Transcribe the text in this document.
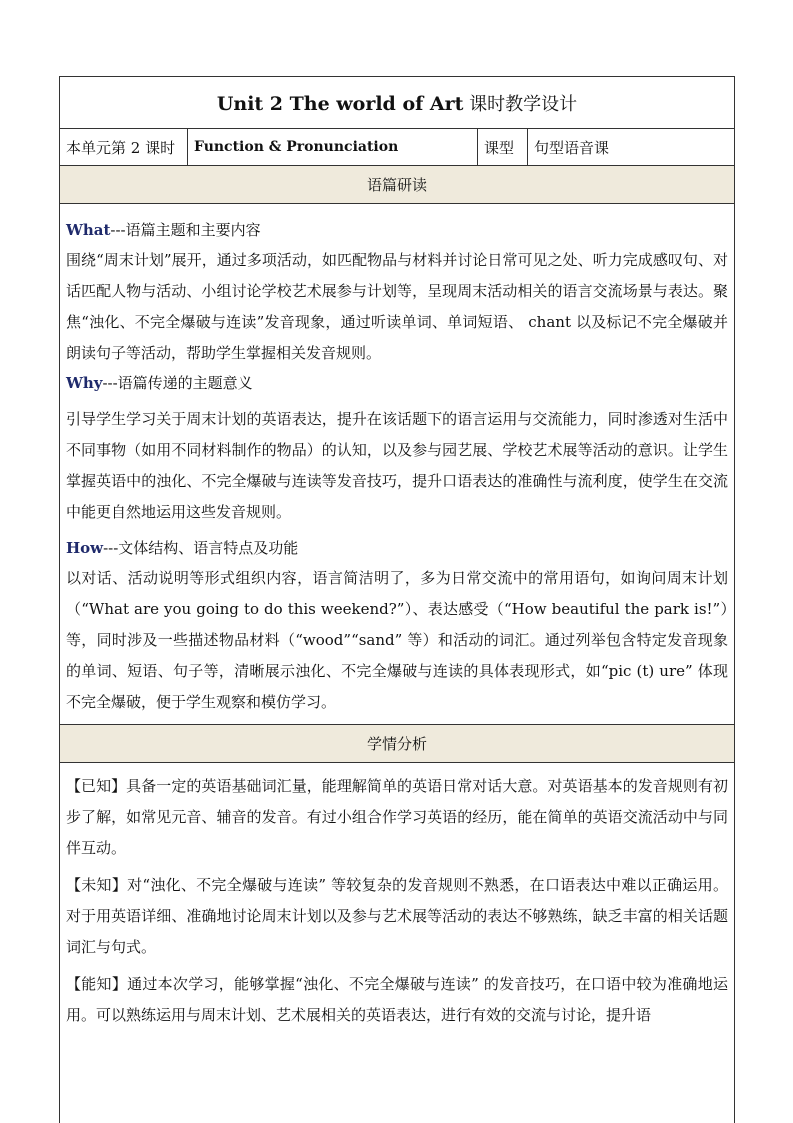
Unit 2 The world of Art 课时教学设计
本单元第 2 课时	Function & Pronunciation	课型	句型语音课
语篇研读

What---语篇主题和主要内容

围绕“周末计划”展开，通过多项活动，如匹配物品与材料并讨论日常可见之处、听力完成感叹句、对话匹配人物与活动、小组讨论学校艺术展参与计划等，呈现周末活动相关的语言交流场景与表达。聚焦“浊化、不完全爆破与连读”发音现象，通过听读单词、单词短语、 chant 以及标记不完全爆破并朗读句子等活动，帮助学生掌握相关发音规则。

Why---语篇传递的主题意义

引导学生学习关于周末计划的英语表达，提升在该话题下的语言运用与交流能力，同时渗透对生活中不同事物（如用不同材料制作的物品）的认知，以及参与园艺展、学校艺术展等活动的意识。让学生掌握英语中的浊化、不完全爆破与连读等发音技巧，提升口语表达的准确性与流利度，使学生在交流中能更自然地运用这些发音规则。

How---文体结构、语言特点及功能

以对话、活动说明等形式组织内容，语言简洁明了，多为日常交流中的常用语句，如询问周末计划（“What are you going to do this weekend?”）、表达感受（“How beautiful the park is!”）等，同时涉及一些描述物品材料（“wood”“sand” 等）和活动的词汇。通过列举包含特定发音现象的单词、短语、句子等，清晰展示浊化、不完全爆破与连读的具体表现形式，如“pic (t) ure” 体现不完全爆破，便于学生观察和模仿学习。

学情分析

【已知】具备一定的英语基础词汇量，能理解简单的英语日常对话大意。对英语基本的发音规则有初步了解，如常见元音、辅音的发音。有过小组合作学习英语的经历，能在简单的英语交流活动中与同伴互动。

【未知】对“浊化、不完全爆破与连读” 等较复杂的发音规则不熟悉，在口语表达中难以正确运用。对于用英语详细、准确地讨论周末计划以及参与艺术展等活动的表达不够熟练，缺乏丰富的相关话题词汇与句式。

【能知】通过本次学习，能够掌握“浊化、不完全爆破与连读” 的发音技巧，在口语中较为准确地运用。可以熟练运用与周末计划、艺术展相关的英语表达，进行有效的交流与讨论，提升语
